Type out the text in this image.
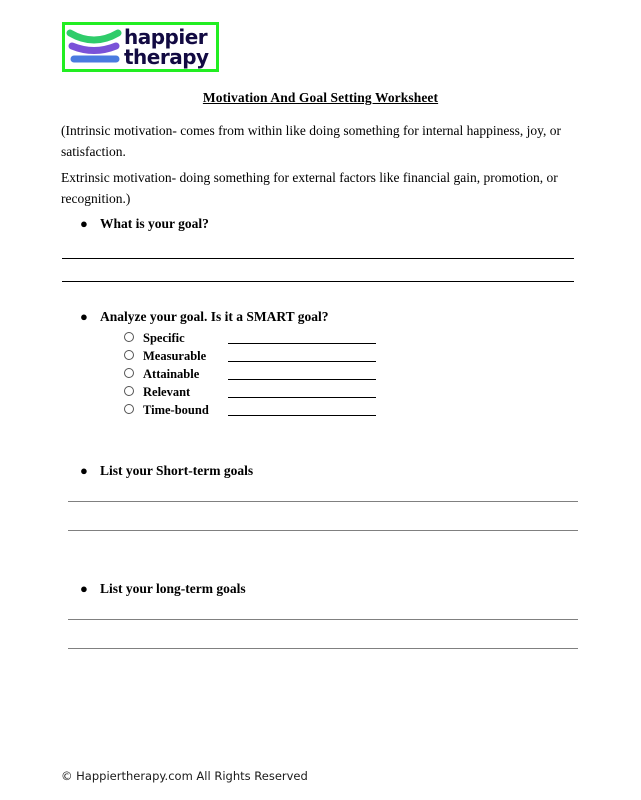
happier
therapy
Motivation And Goal Setting Worksheet
(Intrinsic motivation- comes from within like doing something for internal happiness, joy, or satisfaction.
Extrinsic motivation- doing something for external factors like financial gain, promotion, or recognition.)
● What is your goal?
● Analyze your goal. Is it a SMART goal?
Specific
Measurable
Attainable
Relevant
Time-bound
● List your Short-term goals
● List your long-term goals
© Happiertherapy.com All Rights Reserved
